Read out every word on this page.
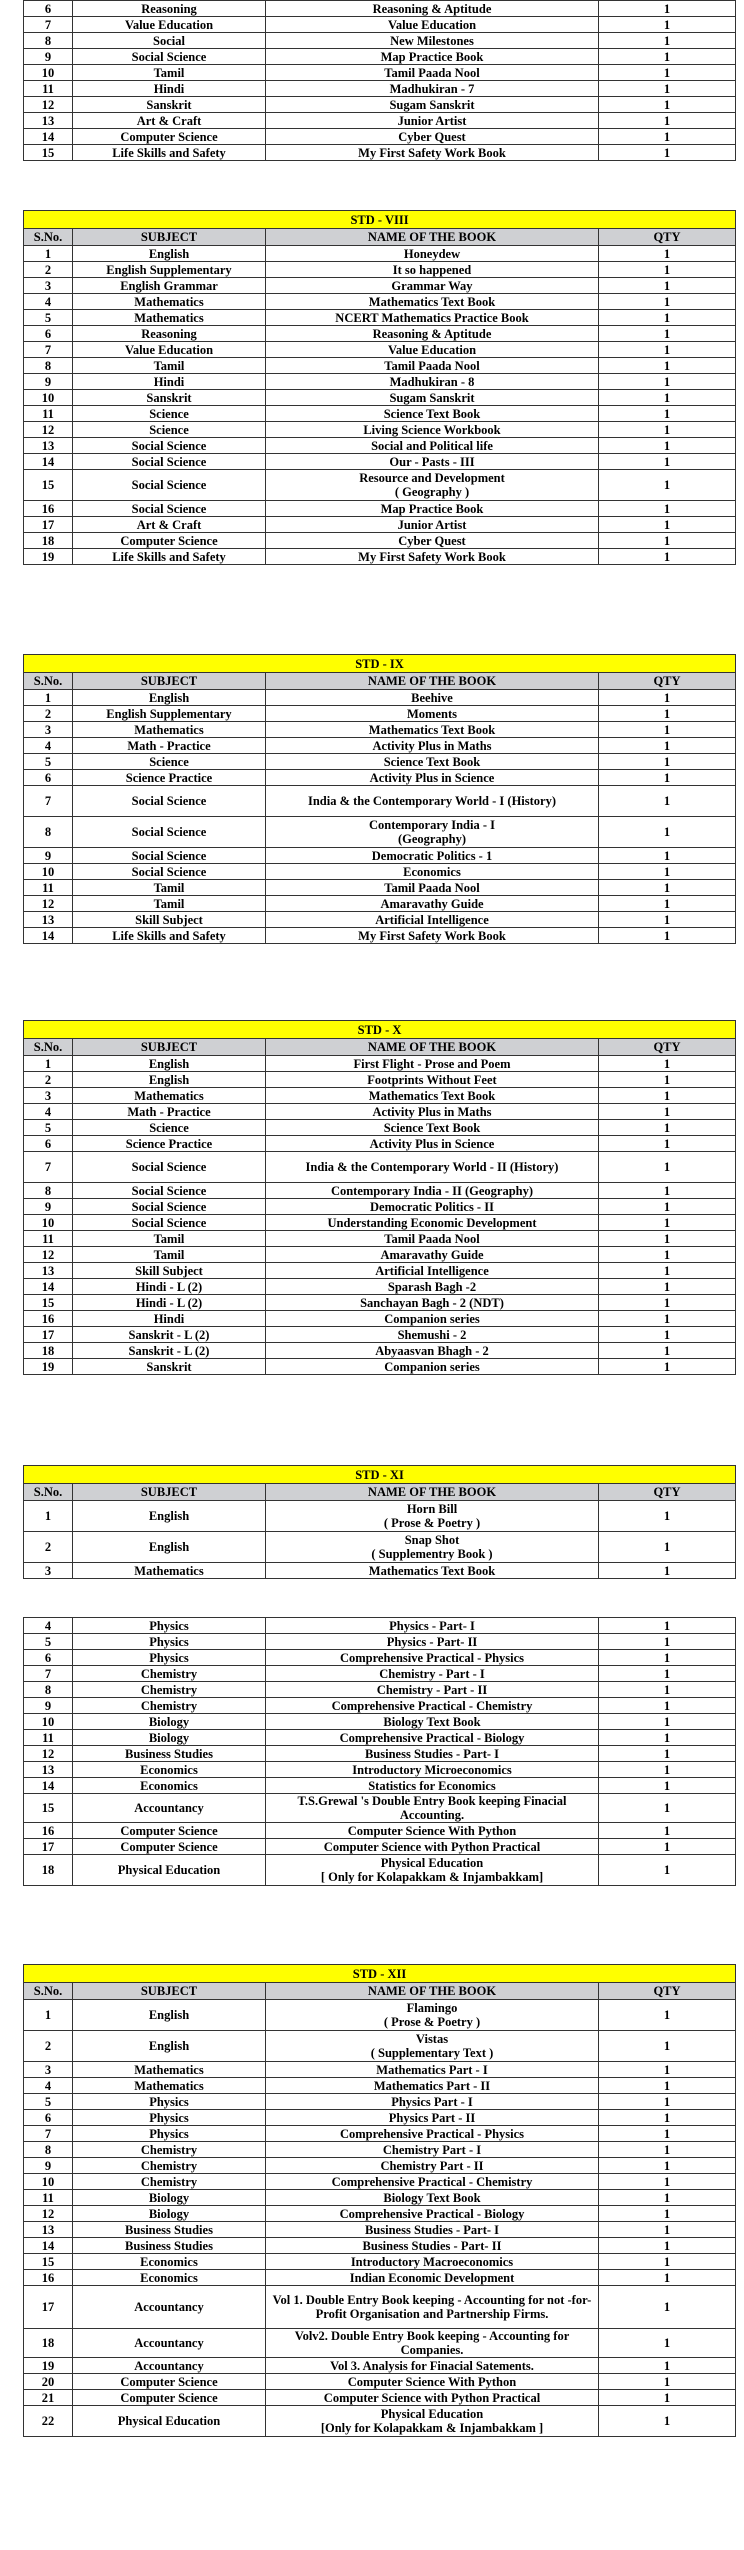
6	Reasoning	Reasoning & Aptitude	1
7	Value Education	Value Education	1
8	Social	New Milestones	1
9	Social Science	Map Practice Book	1
10	Tamil	Tamil Paada Nool	1
11	Hindi	Madhukiran - 7	1
12	Sanskrit	Sugam Sanskrit	1
13	Art & Craft	Junior Artist	1
14	Computer Science	Cyber Quest	1
15	Life Skills and Safety	My First Safety Work Book	1
STD - VIII			
S.No.	SUBJECT	NAME OF THE BOOK	QTY
1	English	Honeydew	1
2	English Supplementary	It so happened	1
3	English Grammar	Grammar Way	1
4	Mathematics	Mathematics Text Book	1
5	Mathematics	NCERT Mathematics Practice Book	1
6	Reasoning	Reasoning & Aptitude	1
7	Value Education	Value Education	1
8	Tamil	Tamil Paada Nool	1
9	Hindi	Madhukiran - 8	1
10	Sanskrit	Sugam Sanskrit	1
11	Science	Science Text Book	1
12	Science	Living Science Workbook	1
13	Social Science	Social and Political life	1
14	Social Science	Our - Pasts - III	1
15	Social Science	Resource and Development
( Geography )	1
16	Social Science	Map Practice Book	1
17	Art & Craft	Junior Artist	1
18	Computer Science	Cyber Quest	1
19	Life Skills and Safety	My First Safety Work Book	1
STD - IX			
S.No.	SUBJECT	NAME OF THE BOOK	QTY
1	English	Beehive	1
2	English Supplementary	Moments	1
3	Mathematics	Mathematics Text Book	1
4	Math - Practice	Activity Plus in Maths	1
5	Science	Science Text Book	1
6	Science Practice	Activity Plus in Science	1
7	Social Science	India & the Contemporary World - I (History)	1
8	Social Science	Contemporary India - I
(Geography)	1
9	Social Science	Democratic Politics - 1	1
10	Social Science	Economics	1
11	Tamil	Tamil Paada Nool	1
12	Tamil	Amaravathy Guide	1
13	Skill Subject	Artificial Intelligence	1
14	Life Skills and Safety	My First Safety Work Book	1
STD - X			
S.No.	SUBJECT	NAME OF THE BOOK	QTY
1	English	First Flight - Prose and Poem	1
2	English	Footprints Without Feet	1
3	Mathematics	Mathematics Text Book	1
4	Math - Practice	Activity Plus in Maths	1
5	Science	Science Text Book	1
6	Science Practice	Activity Plus in Science	1
7	Social Science	India & the Contemporary World - II (History)	1
8	Social Science	Contemporary India - II (Geography)	1
9	Social Science	Democratic Politics - II	1
10	Social Science	Understanding Economic Development	1
11	Tamil	Tamil Paada Nool	1
12	Tamil	Amaravathy Guide	1
13	Skill Subject	Artificial Intelligence	1
14	Hindi - L (2)	Sparash Bagh -2	1
15	Hindi - L (2)	Sanchayan Bagh - 2 (NDT)	1
16	Hindi	Companion series	1
17	Sanskrit - L (2)	Shemushi - 2	1
18	Sanskrit - L (2)	Abyaasvan Bhagh - 2	1
19	Sanskrit	Companion series	1
STD - XI			
S.No.	SUBJECT	NAME OF THE BOOK	QTY
1	English	Horn Bill
( Prose & Poetry )	1
2	English	Snap Shot
( Supplementry Book )	1
3	Mathematics	Mathematics Text Book	1
4	Physics	Physics - Part- I	1
5	Physics	Physics - Part- II	1
6	Physics	Comprehensive Practical - Physics	1
7	Chemistry	Chemistry - Part - I	1
8	Chemistry	Chemistry - Part - II	1
9	Chemistry	Comprehensive Practical - Chemistry	1
10	Biology	Biology Text Book	1
11	Biology	Comprehensive Practical - Biology	1
12	Business Studies	Business Studies - Part- I	1
13	Economics	Introductory Microeconomics	1
14	Economics	Statistics for Economics	1
15	Accountancy	T.S.Grewal 's Double Entry Book keeping Finacial Accounting.	1
16	Computer Science	Computer Science With Python	1
17	Computer Science	Computer Science with Python Practical	1
18	Physical Education	Physical Education
[ Only for Kolapakkam & Injambakkam]	1
STD - XII			
S.No.	SUBJECT	NAME OF THE BOOK	QTY
1	English	Flamingo
( Prose & Poetry )	1
2	English	Vistas
( Supplementary Text )	1
3	Mathematics	Mathematics Part - I	1
4	Mathematics	Mathematics Part - II	1
5	Physics	Physics Part - I	1
6	Physics	Physics Part - II	1
7	Physics	Comprehensive Practical - Physics	1
8	Chemistry	Chemistry Part - I	1
9	Chemistry	Chemistry Part - II	1
10	Chemistry	Comprehensive Practical - Chemistry	1
11	Biology	Biology Text Book	1
12	Biology	Comprehensive Practical - Biology	1
13	Business Studies	Business Studies - Part- I	1
14	Business Studies	Business Studies - Part- II	1
15	Economics	Introductory Macroeconomics	1
16	Economics	Indian Economic Development	1
17	Accountancy	Vol 1. Double Entry Book keeping - Accounting for not -for-Profit Organisation and Partnership Firms.	1
18	Accountancy	Volv2. Double Entry Book keeping - Accounting for Companies.	1
19	Accountancy	Vol 3. Analysis for Finacial Satements.	1
20	Computer Science	Computer Science With Python	1
21	Computer Science	Computer Science with Python Practical	1
22	Physical Education	Physical Education
[Only for Kolapakkam & Injambakkam ]	1
